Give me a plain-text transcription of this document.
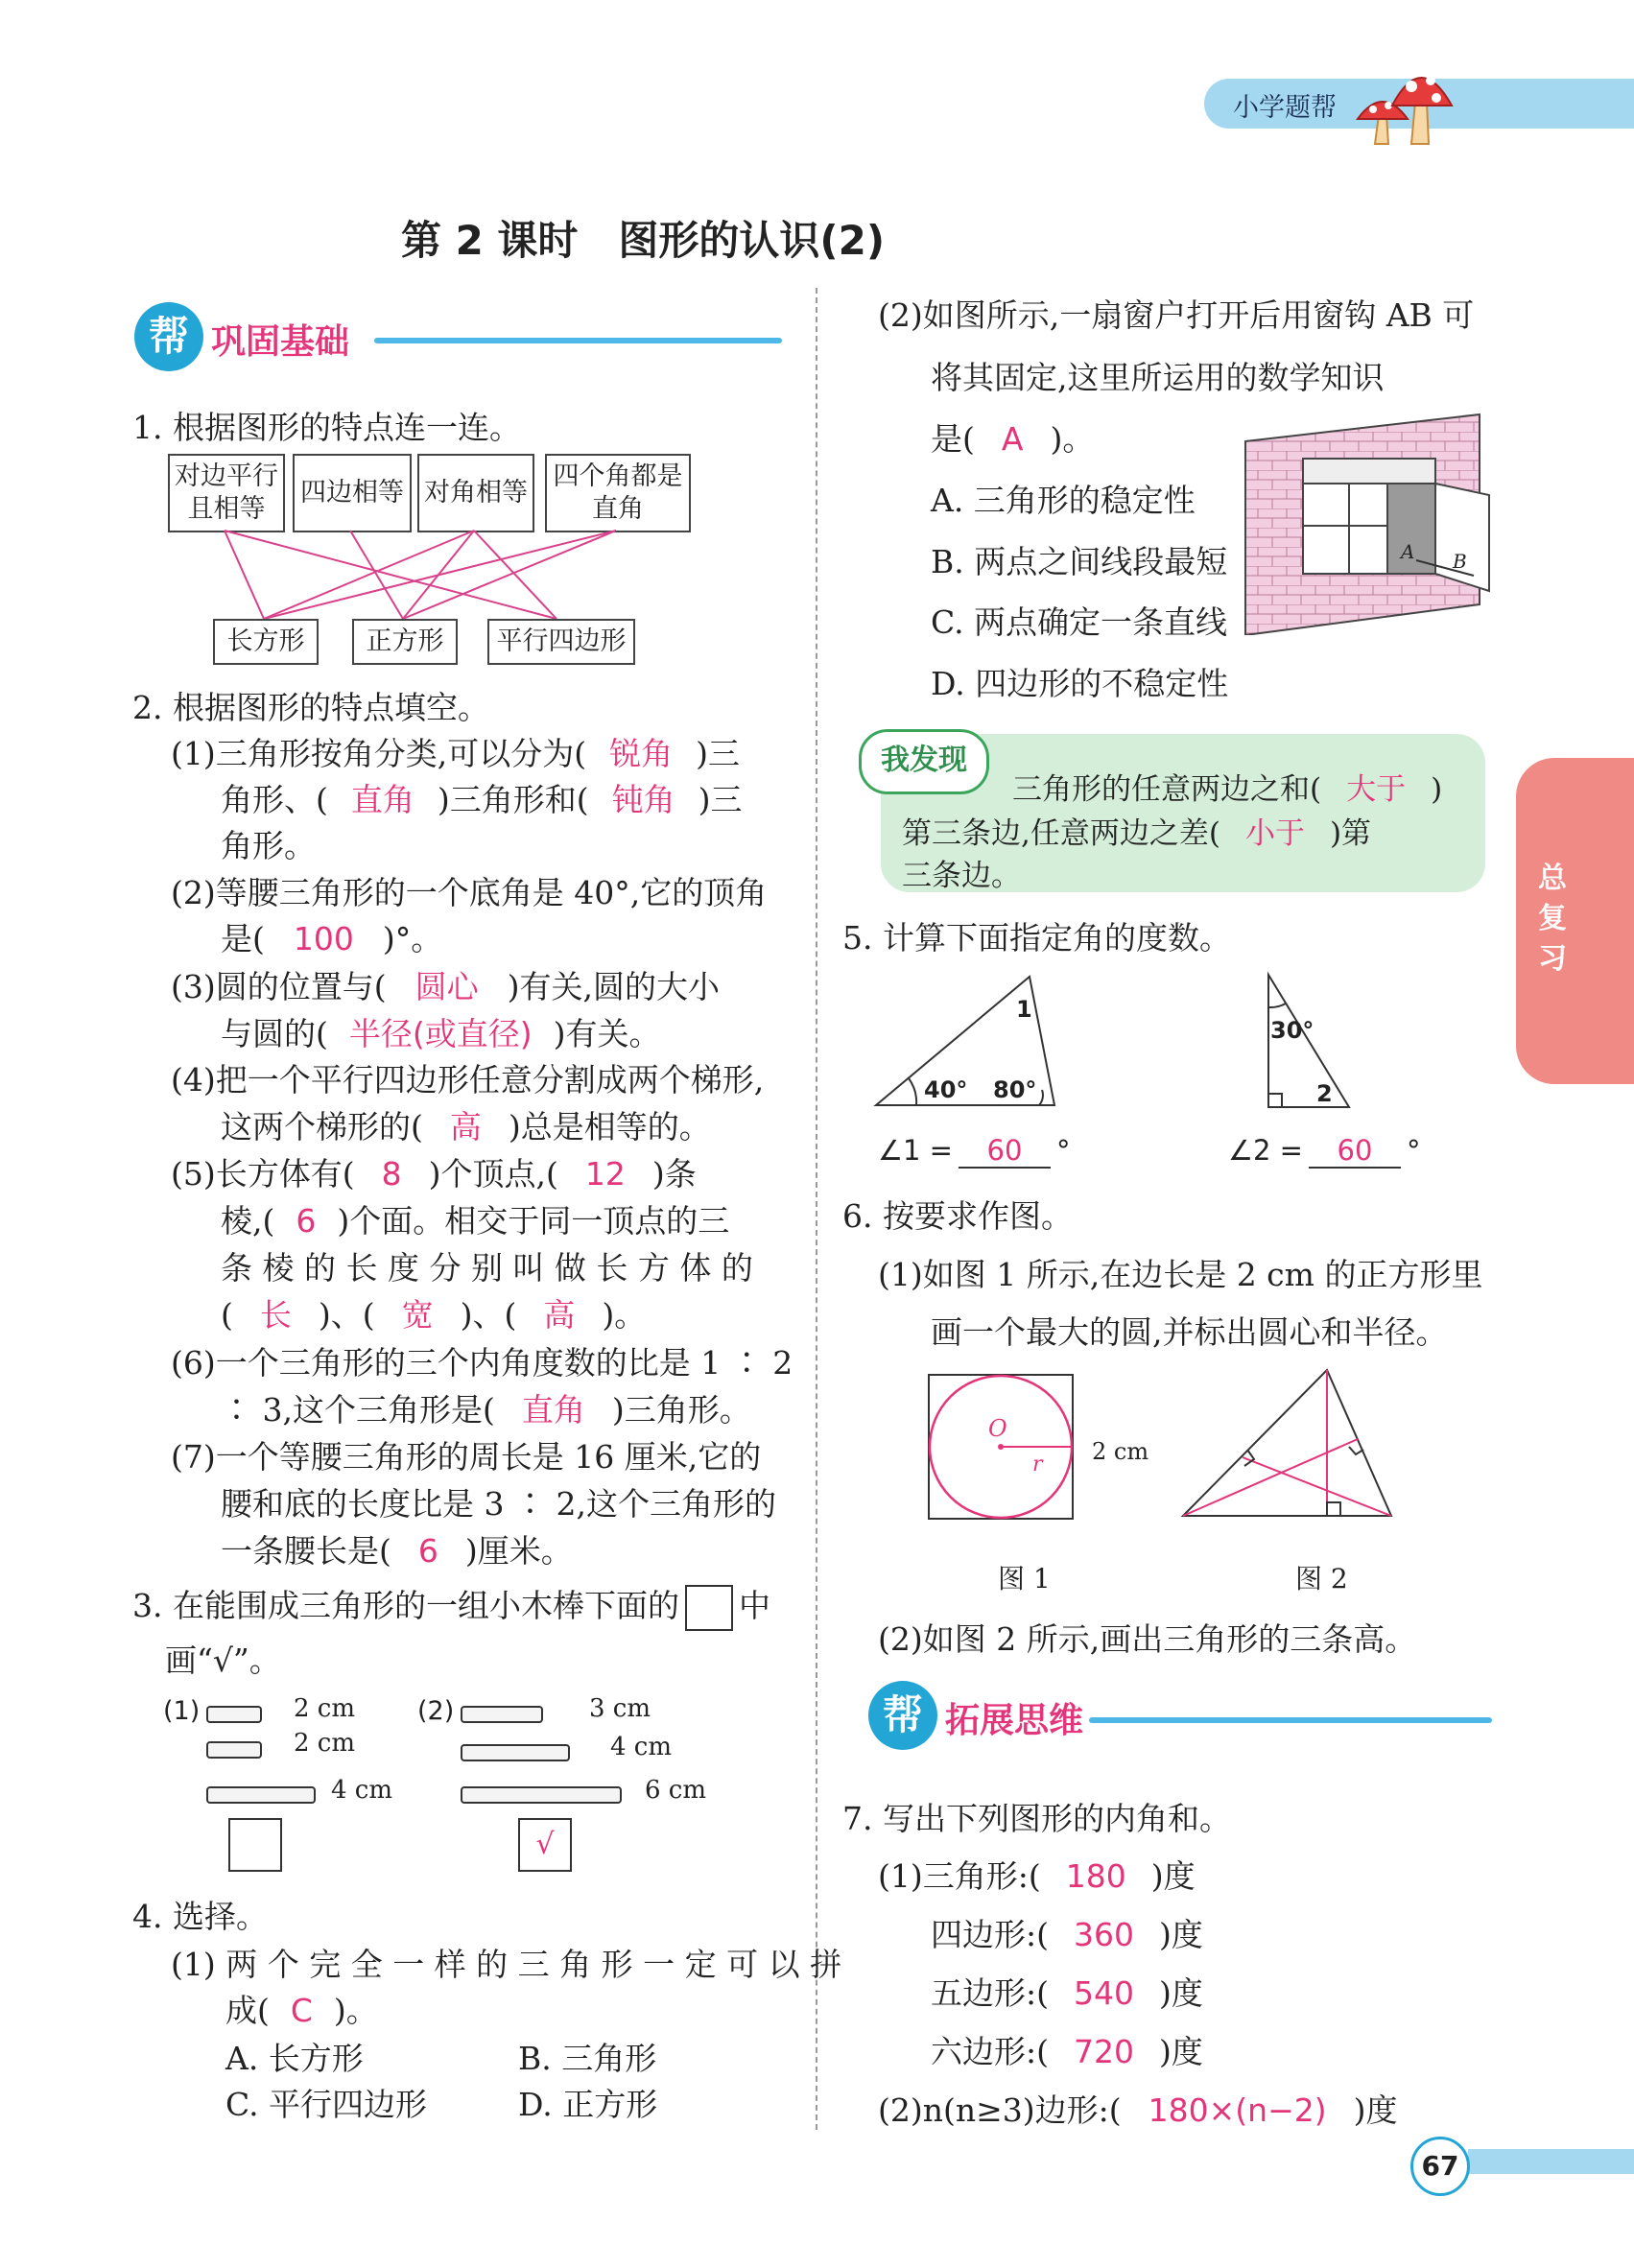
小学题帮
第 2 课时　图形的认识(2)
帮 巩固基础
1. 根据图形的特点连一连。
对边平行
且相等
四边相等 对角相等
四个角都是
直角
长方形	正方形	平行四边形
2. 根据图形的特点填空。
(1)三角形按角分类,可以分为( 锐角 )三
角形、( 直角 )三角形和( 钝角 )三
角形。
(2)等腰三角形的一个底角是 40°,它的顶角
是( 100 )°。
(3)圆的位置与( 圆心 )有关,圆的大小
与圆的( 半径(或直径) )有关。
(4)把一个平行四边形任意分割成两个梯形,
这两个梯形的( 高 )总是相等的。
(5)长方体有( 8 )个顶点,( 12 )条
棱,( 6 )个面。相交于同一顶点的三
条 棱 的 长 度 分 别 叫 做 长 方 体 的
( 长 )、( 宽 )、( 高 )。
(6)一个三角形的三个内角度数的比是 1 ∶ 2
∶ 3,这个三角形是( 直角 )三角形。
(7)一个等腰三角形的周长是 16 厘米,它的
腰和底的长度比是 3 ∶ 2,这个三角形的
一条腰长是( 6 )厘米。
3. 在能围成三角形的一组小木棒下面的 中
画“√”。
(1)	2 cm
2 cm
4 cm
(2)	3 cm
4 cm
6 cm
√
4. 选择。
(1) 两 个 完 全 一 样 的 三 角 形 一 定 可 以 拼
成( C )。
A. 长方形	B. 三角形
C. 平行四边形	D. 正方形
(2)如图所示,一扇窗户打开后用窗钩 AB 可
将其固定,这里所运用的数学知识
是( A )。
A. 三角形的稳定性
B. 两点之间线段最短
C. 两点确定一条直线
D. 四边形的不稳定性
A B
我发现
三角形的任意两边之和( 大于 )
第三条边,任意两边之差( 小于 )第
三条边。	总复习
5. 计算下面指定角的度数。
1
40° 80°
30°
2
∠1 = 60 °	∠2 = 60 °
6. 按要求作图。
(1)如图 1 所示,在边长是 2 cm 的正方形里
画一个最大的圆,并标出圆心和半径。
O
r 2 cm
图 1	图 2
(2)如图 2 所示,画出三角形的三条高。
帮 拓展思维
7. 写出下列图形的内角和。
(1)三角形:( 180 )度
四边形:( 360 )度
五边形:( 540 )度
六边形:( 720 )度
(2)n(n≥3)边形:( 180×(n−2) )度
67
